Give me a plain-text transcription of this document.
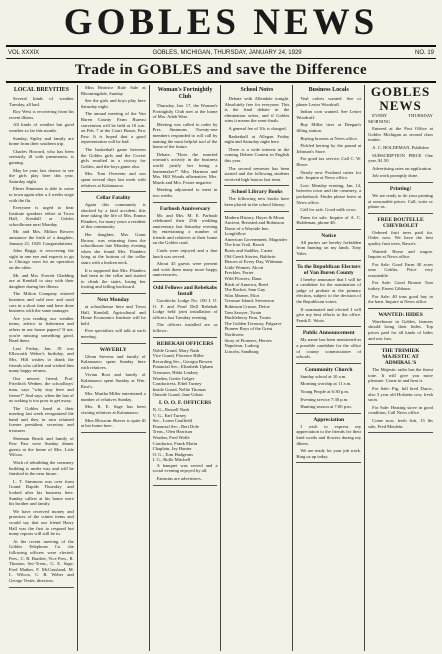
GOBLES NEWS
VOL XXXIX	GOBLES, MICHIGAN, THURSDAY, JANUARY 24, 1929	NO. 19
Trade in GOBLES and save the Difference
LOCAL BREVITIES

Several kinds of weather Tuesday, all bad.

Roy West is recovering from his recent illness.

All kinds of weather but good weather so far this month.

Sunday, Sipley and family are home from their southern trip.

Charles Howard, who has been seriously ill with pneumonia, is gaining.

May be your last chance to see the girls play here this year. Saturday night.

Elmer Simmons is able to come to town again after a 4 weeks siege with the flu.

Everyone is urged to hear Institute speakers either at Town Hall, Kendall or Gobles schoolhouse next Monday.

Mr. and Mrs. Milton Bowers announce the birth of a daughter, January 21, 1929. Congratulations.

John Boggs is recovering the sight in one eye and expects to go to Chicago soon for an operation on the other.

Mr. and Mrs. Everett Gladding are at Kendall to stay with their daughter during her illness.

The Milton Company entered business and sold new and used cars in a short time and have done business with the same manager.

Are you reading our weather items, advice to fishermen and others in our house papers? If not, you're missing something good. Read them.

Last Friday, Jan. 18 was Ellsworth Weber's birthday, and Mrs. Hill wishes to thank the friends who called and wished him many happy returns.

Our newest friend, Prof. Friedrich Wedner, the schoolboys' man, says "why stay here and freeze?" And says, when the last of us waking is too poor to get away.

The Gobles band at their meeting last week reorganized the band and they in turn retained former president, secretary and treasurer.

Sherman Beach and family of Paw Paw were Sunday dinner guests at the home of Mrs. Lisle Wilcox.

Work of rebuilding the creamery building is under way and will be finished in the near future.

L. T. Simmons was over from Grand Rapids Thursday and looked after his business here. Sunday callers at his home were his brother and family.

We have received money and promises of the winter items and would say that our friend Harry Hall was the first to respond but many reports will still be in.

At the recent meeting of the Gobles Telephone Co. the following officers were elected: Pres., C. R. Bartlett; Vice Pres., R. Thomas; Sec-Treas., G. E. Sage; Fred Mather, F. McCausland, M. L. Wilcox, C. B. Weber and George Tester, directors.

Miss Beatrice Rule Sale at Bloomingdale, Sunday.

See the girls and boys play here Saturday night.

The annual meeting of the Van Buren County Farm Bureau convention will be held at 10 a.m. on Feb. 7 at the Court House, Paw Paw. It is hoped that a good representation will be had.

The basketball game between the Gobles girls and the Covert girls resulted in a victory for Gobles, and the boys game also.

Mrs. Tom Overeem and son spent several days last week with relatives at Kalamazoo.

Cellar Fatality

Again this community is shocked by a fatal accident, this time taking the life of Mrs. Emma Flanders, for many years a resident of this community.

Her daughter, Mrs. Grant Brown, was returning from the schoolhouse late Monday evening when she found Mrs. Flanders lying at the bottom of the cellar stairs with a broken neck.

It is supposed that Mrs. Flanders had been in the cellar and started to climb the stairs, losing her footing and falling backward.

Next Monday

at schoolhouse here and Town Hall, Kendall, Agricultural and Home Economics Institute will be held.

Five specialists will talk at each meeting.

WAVERLY

Glenn Stevens and family of Kalamazoo spent Sunday here with relatives.

Vivian Rost and family of Kalamazoo spent Sunday at Wm. Rost's.

Mrs. Martha Miller entertained a number of relatives Sunday.

Mrs. R. E. Sage has been visiting relatives at Kalamazoo.

Miss Blossom Shaver is quite ill at her home here.

Woman's Fortnightly Club

Thursday, Jan. 17, the Woman's Fortnightly Club met at the home of Mrs. Adah Wise.

Meeting was called to order by Pres. Simmons. Twenty-one members responded to roll call by naming the most helpful tool of the home of the future.

Debate, "Does the married woman's activity in the business world justify her being a homemaker?" Mrs. Harmon and Mrs. Hill Woods affirmative; Mrs. Marsh and Mrs. Foster negative.

Meeting adjourned to meet in two weeks.

Farbush Anniversary

Mr. and Mrs. M. E. Farbush celebrated their 25th wedding anniversary last Saturday evening by entertaining a number of friends and relatives at their home on the Gobles road.

Cards were enjoyed and a fine lunch was served.

About 45 guests were present and wish them many more happy anniversaries.

Odd Fellows and Rebekahs Install

Goodrichs Lodge No. 100 I. O. O. F. and Pearl Dell Rebekah Lodge held joint installation of officers last Tuesday evening.

The officers installed are as follows:

REBEKAH OFFICERS

Noble Grand, Mary Nash

Vice Grand, Florence Hiller

Recording Sec., Georgia Bowen

Financial Sec., Elizabeth Upham

Treasurer, Hilda Lindsey

Warden, Gertie Gelger

Conductress, Ethel Turney

Inside Guard, Nellie Thomas

Outside Guard, Jane Urban

I. O. O. F. OFFICERS

N. G., Russell Nash

V. G., Earl Turney

Sec., Loren Caulfield

Financial Sec., Bert Dole

Treas., Olen Harrison

Warden, Fred Wolfe

Conductor, Frank Marin

Chaplain, Jay Hunter

O. G., Tom Hudgeons

I. G., Rollo Mitchell

A banquet was served and a social evening enjoyed by all.

Fairmins are advertisers.

School Notes

Debate with Allendale tonight. Absolutely free for everyone. This is the final debate in the elimination series, and if Gobles wins it means the semi-finals.

A general fee of 10c is charged.

Basketball at Allegan Friday night and Saturday night here.

There is a wide interest in the coming Debate Contest in English this year.

The second semester has been started and the following students received high honors last term.

School Library Books

The following new books have been placed in the school library:

Modern History, Hayes & Moon

Ancient, Breasted and Robinson

Dawn of a Wayside Inn, Longfellow

American Government, Magruder

The Iron Trail, Beach

Boots and Saddles, Custer

Old Greek Stories, Baldwin

Heroes of Every Day, Whitman

Little Women, Alcott

Freckles, Porter

Wild Flowers, Dana

Birds of America, Reed

The Rocket, Sam Guy

Silas Marner, Eliot

Treasure Island, Stevenson

Robinson Crusoe, Defoe

Tom Sawyer, Twain

Huckleberry Finn, Twain

The Golden Treasury, Palgrave

Pioneer Boys of the Great Northwest

Story of Pioneers, Heroes

Napoleon, Ludwig

Lincoln, Sandburg

Business Locals

Veal calves wanted. See or phone Lester Woodruff.

Indian corn wanted. See Lester Woodruff.

Buy Miller tires at Deegan's filling station.

Buying brooms at News office.

Pickled herring by the pound at Johnson's Store.

For good tax service, Call C. W. Howe.

Nearly new Portland cutter for sale. Inquire at News office.

Lost: Monday evening, Jan. 14, between town and the creamery, a pocketbook. Finder please leave at News office.

Call for sale. Good milk cows.

Farm for sale. Inquire of A. C. Holdeman, phone 48.

Notice

All parties are hereby forbidden from hunting on my lands. Tony Vales.

To the Republican Electors of Van Buren County

I hereby announce that I will be a candidate for the nomination of judge of probate at the primary election, subject to the decision of the Republican voters.

If nominated and elected I will give my best efforts to the office. Frank E. Worts.

Public Announcement

My name has been mentioned as a possible candidate for the office of county commissioner of schools.

Community Church

Sunday school at 10 a.m.

Morning worship at 11 a.m.

Young People at 6:30 p.m.

Evening service 7:30 p.m.

Hunting season at 7:00 p.m.

Appreciation

I wish to express my appreciation to the friends for their kind words and flowers during my illness.

We are ready for your job work. Ring us up today.

GOBLES NEWS

EVERY THURSDAY MORNING

Entered at the Post Office at Gobles Michigan as second class matter.

A. C. HOLDEMAN, Publisher

SUBSCRIPTION PRICE One year, $1.50

Advertising rates on application

Job work promptly done.

Printing!

We are ready to do your printing at reasonable prices. Call, write or phone us.

FREE BOUTELLE CHEVROLET

Ordered fruit trees paid for. Order now. We have the best quality fruit trees, Rawn's.

Wanted: Horse and wagon. Inquire at News office.

For Sale: Good Farm 40 acres near Gobles. Price very reasonable.

For Sale: Good Bronze Tom turkey. Ernest Gibbons.

For Sale: 40 tons good hay in the barn. Inquire at News office.

WANTED: HIDES

Warehouse in Gobles, farmers should bring their hides. Top prices paid for all kinds of hides and raw furs.

THE TRIMIEK MAJESTIC AT ADMIRAL'S

The Majestic radio has the finest tone. It will give you more pleasure. Come in and hear it.

For Sale: Pig, full bred Duroc, also 3 year old Holstein cow, fresh soon.

For Sale: Heating stove in good condition, Call News office.

Come now, fresh fish, 15 lbs sale, Fred Meulein.
